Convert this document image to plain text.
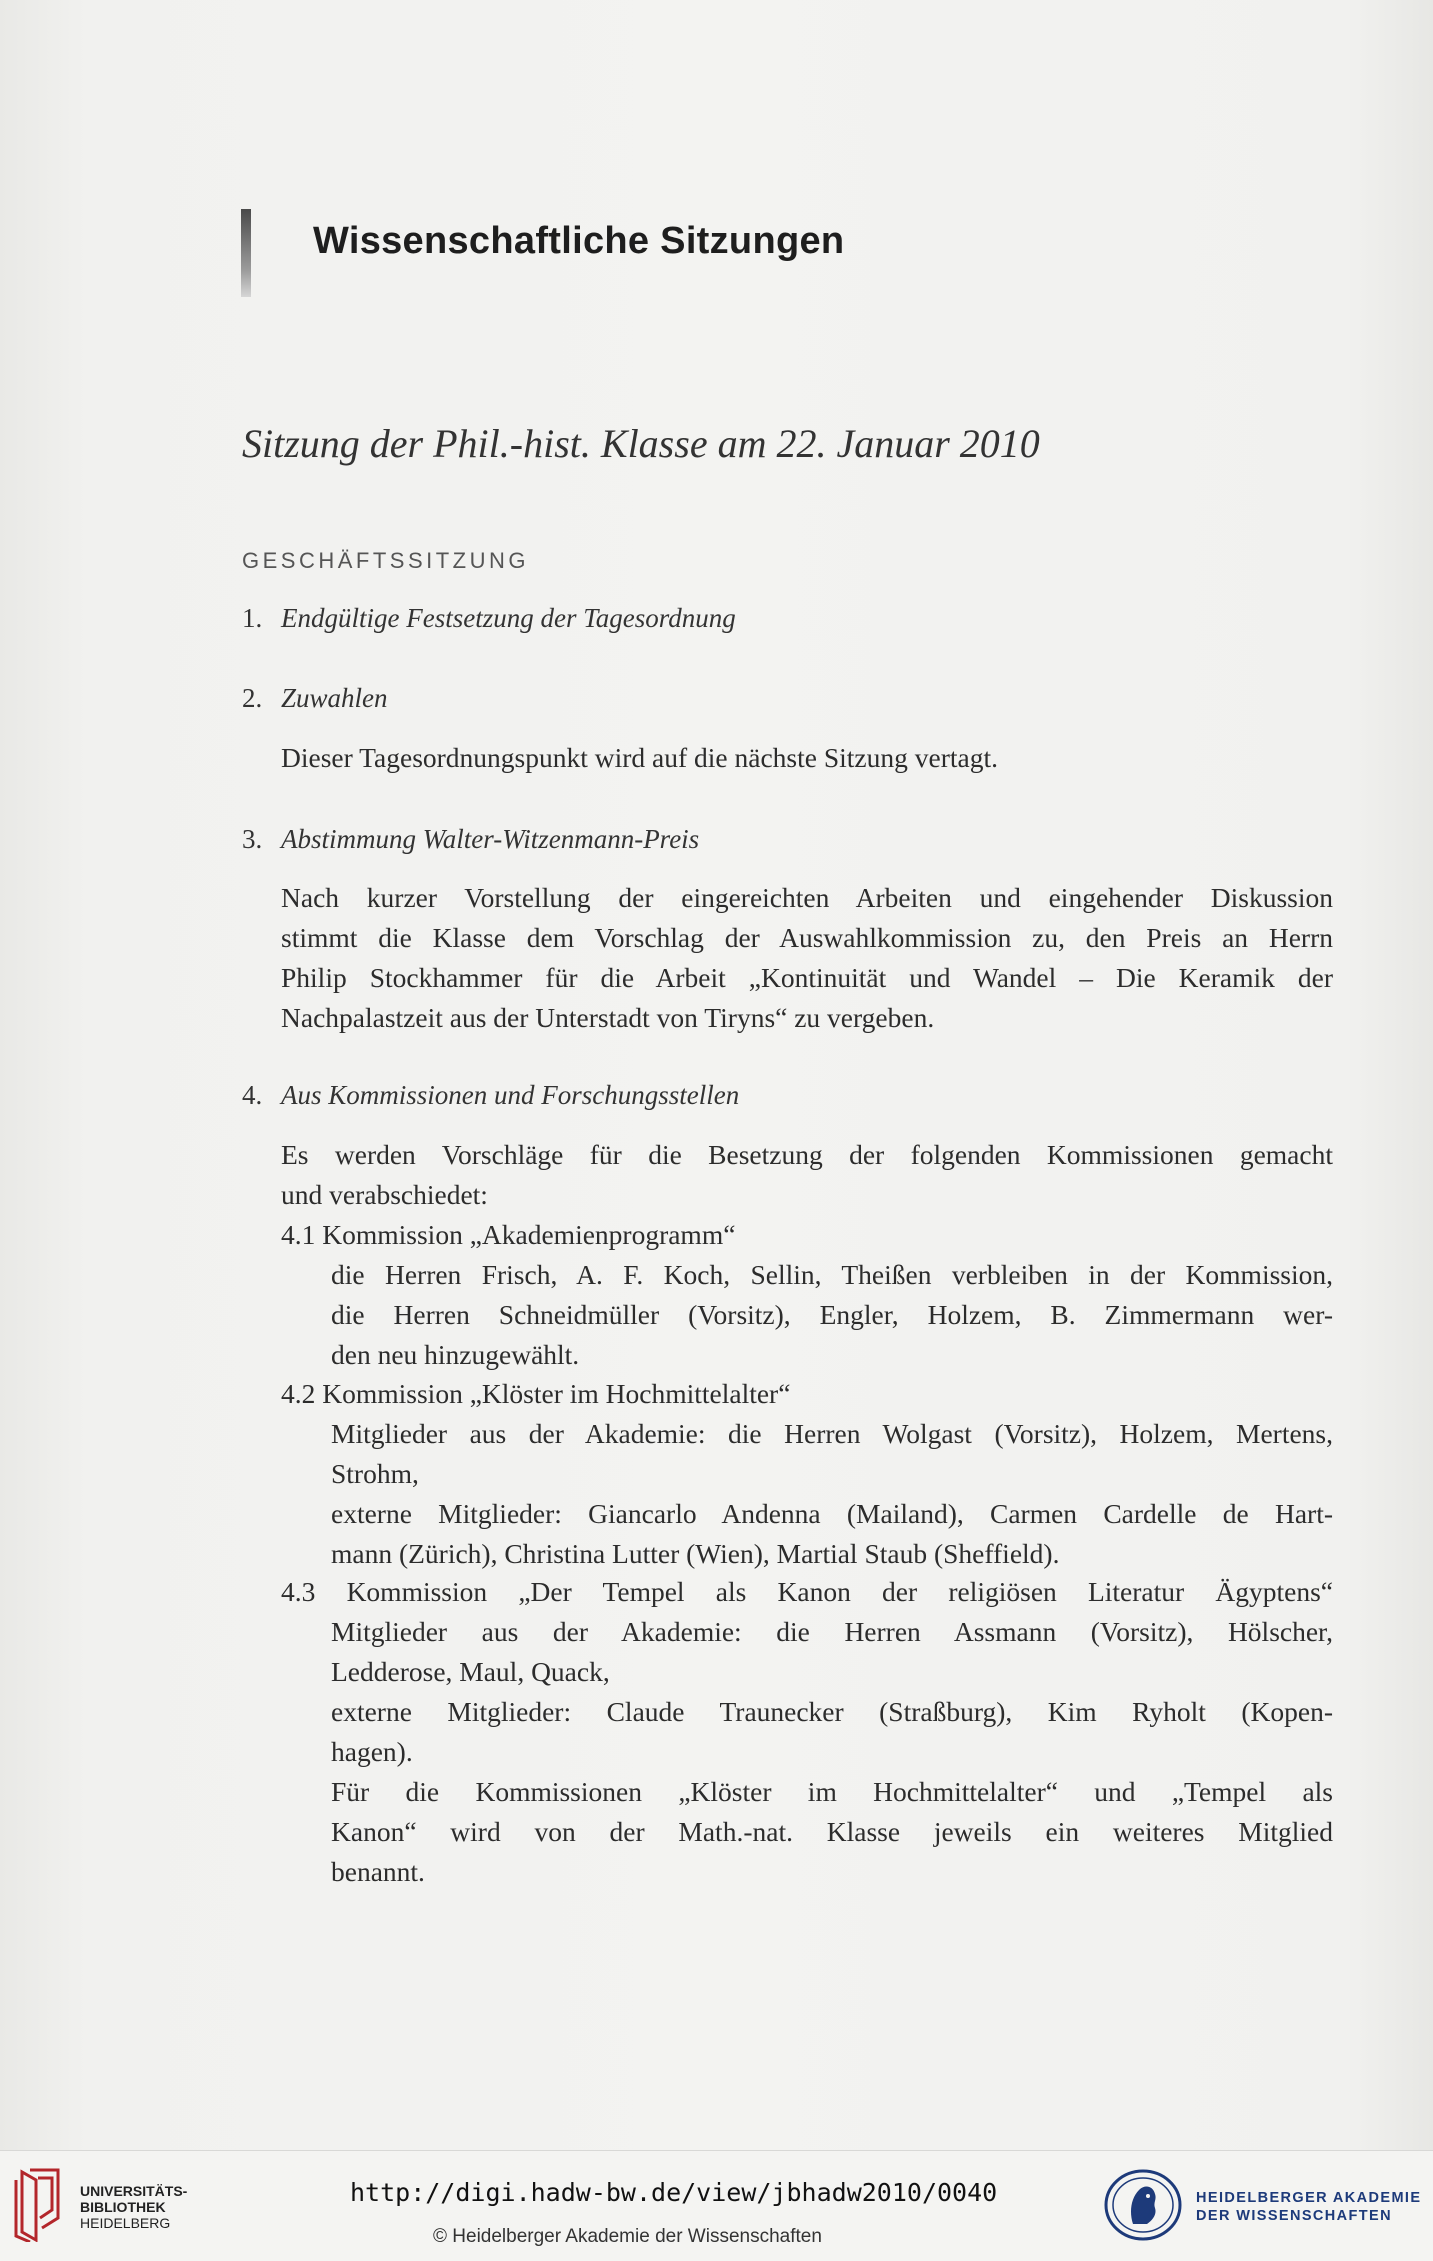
Wissenschaftliche Sitzungen
Sitzung der Phil.-hist. Klasse am 22. Januar 2010
GESCHÄFTSSITZUNG
1. Endgültige Festsetzung der Tagesordnung
2. Zuwahlen
Dieser Tagesordnungspunkt wird auf die nächste Sitzung vertagt.
3. Abstimmung Walter-Witzenmann-Preis
Nach kurzer Vorstellung der eingereichten Arbeiten und eingehender Diskussion
stimmt die Klasse dem Vorschlag der Auswahlkommission zu, den Preis an Herrn
Philip Stockhammer für die Arbeit „Kontinuität und Wandel – Die Keramik der
Nachpalastzeit aus der Unterstadt von Tiryns“ zu vergeben.
4. Aus Kommissionen und Forschungsstellen
Es werden Vorschläge für die Besetzung der folgenden Kommissionen gemacht
und verabschiedet:
4.1 Kommission „Akademienprogramm“
die Herren Frisch, A. F. Koch, Sellin, Theißen verbleiben in der Kommission,
die Herren Schneidmüller (Vorsitz), Engler, Holzem, B. Zimmermann wer-
den neu hinzugewählt.
4.2 Kommission „Klöster im Hochmittelalter“
Mitglieder aus der Akademie: die Herren Wolgast (Vorsitz), Holzem, Mertens,
Strohm,
externe Mitglieder: Giancarlo Andenna (Mailand), Carmen Cardelle de Hart-
mann (Zürich), Christina Lutter (Wien), Martial Staub (Sheffield).
4.3 Kommission „Der Tempel als Kanon der religiösen Literatur Ägyptens“
Mitglieder aus der Akademie: die Herren Assmann (Vorsitz), Hölscher,
Ledderose, Maul, Quack,
externe Mitglieder: Claude Traunecker (Straßburg), Kim Ryholt (Kopen-
hagen).
Für die Kommissionen „Klöster im Hochmittelalter“ und „Tempel als
Kanon“ wird von der Math.-nat. Klasse jeweils ein weiteres Mitglied
benannt.
UNIVERSITÄTS-
BIBLIOTHEK
HEIDELBERG
http://digi.hadw-bw.de/view/jbhadw2010/0040
© Heidelberger Akademie der Wissenschaften
HEIDELBERGER AKADEMIE
DER WISSENSCHAFTEN
